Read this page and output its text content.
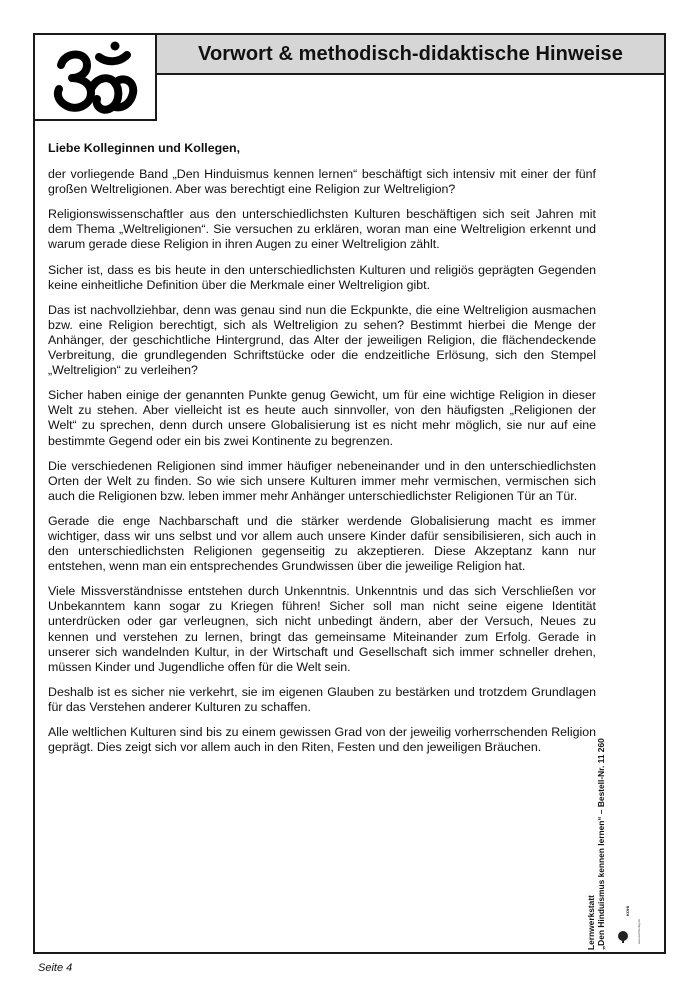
Vorwort & methodisch-didaktische Hinweise
Liebe Kolleginnen und Kollegen,

der vorliegende Band „Den Hinduismus kennen lernen“ beschäftigt sich intensiv mit einer der fünf großen Weltreligionen. Aber was berechtigt eine Religion zur Weltreligion?

Religionswissenschaftler aus den unterschiedlichsten Kulturen beschäftigen sich seit Jahren mit dem Thema „Weltreligionen“. Sie versuchen zu erklären, woran man eine Weltreligion erkennt und warum gerade diese Religion in ihren Augen zu einer Weltreligion zählt.

Sicher ist, dass es bis heute in den unterschiedlichsten Kulturen und religiös geprägten Gegenden keine einheitliche Definition über die Merkmale einer Weltreligion gibt.

Das ist nachvollziehbar, denn was genau sind nun die Eckpunkte, die eine Weltreligion ausmachen bzw. eine Religion berechtigt, sich als Weltreligion zu sehen? Bestimmt hierbei die Menge der Anhänger, der geschichtliche Hintergrund, das Alter der jeweiligen Religion, die flächendeckende Verbreitung, die grundlegenden Schriftstücke oder die endzeitliche Erlösung, sich den Stempel „Weltreligion“ zu verleihen?

Sicher haben einige der genannten Punkte genug Gewicht, um für eine wichtige Religion in dieser Welt zu stehen. Aber vielleicht ist es heute auch sinnvoller, von den häufigsten „Religionen der Welt“ zu sprechen, denn durch unsere Globalisierung ist es nicht mehr möglich, sie nur auf eine bestimmte Gegend oder ein bis zwei Kontinente zu begrenzen.

Die verschiedenen Religionen sind immer häufiger nebeneinander und in den unterschiedlichsten Orten der Welt zu finden. So wie sich unsere Kulturen immer mehr vermischen, vermischen sich auch die Religionen bzw. leben immer mehr Anhänger unterschiedlichster Religionen Tür an Tür.

Gerade die enge Nachbarschaft und die stärker werdende Globalisierung macht es immer wichtiger, dass wir uns selbst und vor allem auch unsere Kinder dafür sensibilisieren, sich auch in den unterschiedlichsten Religionen gegenseitig zu akzeptieren. Diese Akzeptanz kann nur entstehen, wenn man ein entsprechendes Grundwissen über die jeweilige Religion hat.

Viele Missverständnisse entstehen durch Unkenntnis. Unkenntnis und das sich Verschließen vor Unbekanntem kann sogar zu Kriegen führen! Sicher soll man nicht seine eigene Identität unterdrücken oder gar verleugnen, sich nicht unbedingt ändern, aber der Versuch, Neues zu kennen und verstehen zu lernen, bringt das gemeinsame Miteinander zum Erfolg. Gerade in unserer sich wandelnden Kultur, in der Wirtschaft und Gesellschaft sich immer schneller drehen, müssen Kinder und Jugendliche offen für die Welt sein.

Deshalb ist es sicher nie verkehrt, sie im eigenen Glauben zu bestärken und trotzdem Grundlagen für das Verstehen anderer Kulturen zu schaffen.

Alle weltlichen Kulturen sind bis zu einem gewissen Grad von der jeweilig vorherrschenden Religion geprägt. Dies zeigt sich vor allem auch in den Riten, Festen und den jeweiligen Bräuchen.

Lernwerkstatt „Den Hinduismus kennen lernen“ – Bestell-Nr. 11 260	KOHL
www.kohlverlag.de
Seite 4
